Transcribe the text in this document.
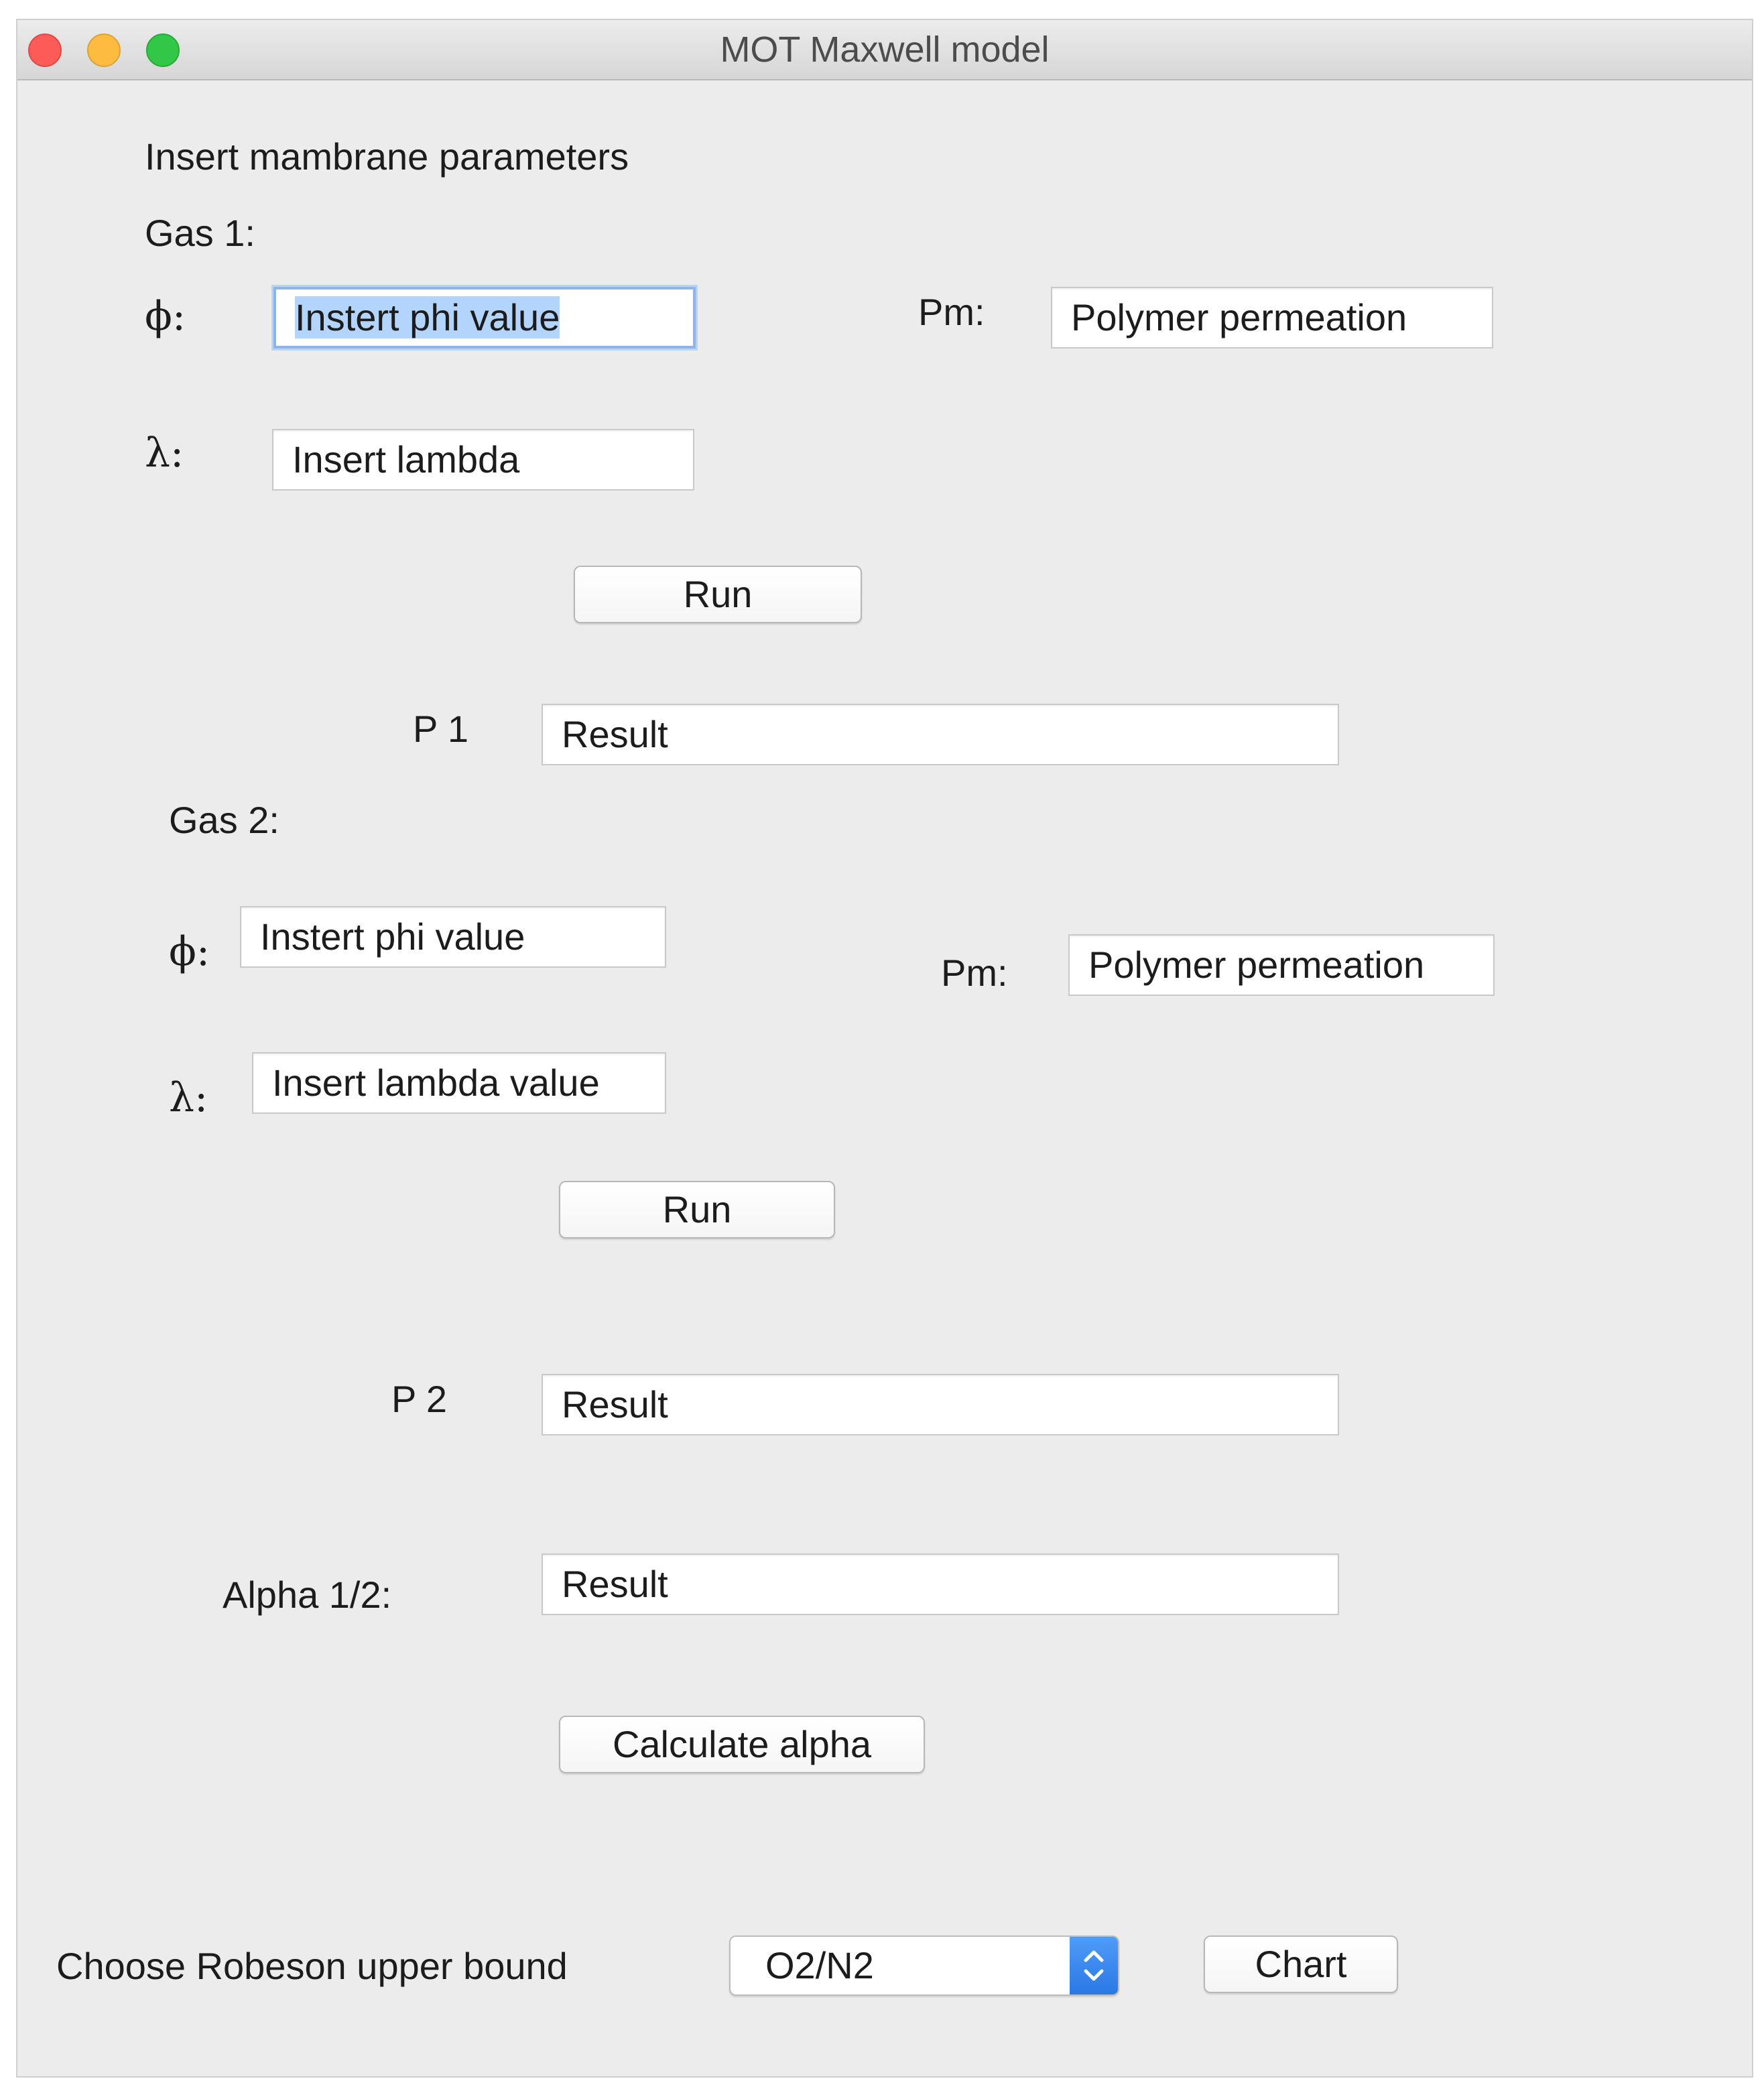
MOT Maxwell model
Insert mambrane parameters
Gas 1:
ϕ:	Instert phi value	Pm:	Polymer permeation
λ:	Insert lambda
Run
P 1	Result
Gas 2:
ϕ:	Instert phi value
Pm:	Polymer permeation
λ:	Insert lambda value
Run
P 2	Result
Alpha 1/2:	Result
Calculate alpha
Choose Robeson upper bound	O2/N2	Chart
